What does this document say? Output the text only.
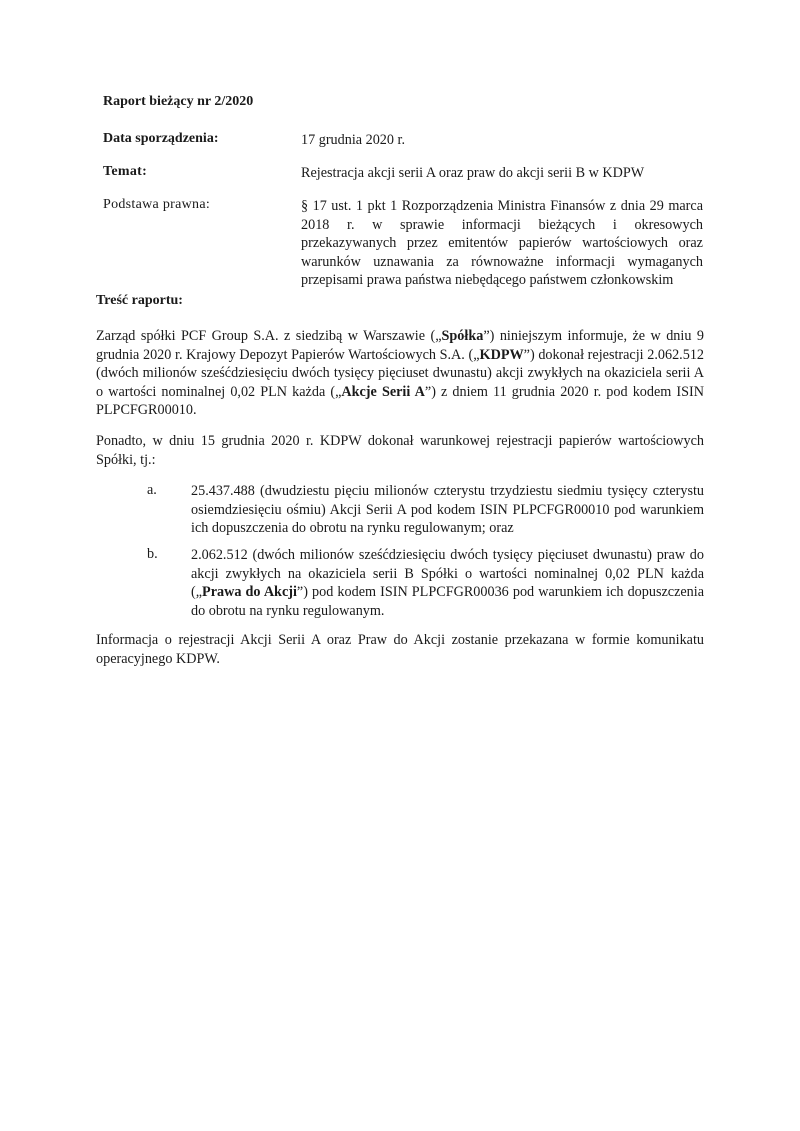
Raport bieżący nr 2/2020
Data sporządzenia:	17 grudnia 2020 r.
Temat:	Rejestracja akcji serii A oraz praw do akcji serii B w KDPW
Podstawa prawna:	§ 17 ust. 1 pkt 1 Rozporządzenia Ministra Finansów z dnia 29 marca 2018 r. w sprawie informacji bieżących i okresowych przekazywanych przez emitentów papierów wartościowych oraz warunków uznawania za równoważne informacji wymaganych przepisami prawa państwa niebędącego państwem członkowskim
Treść raportu:
Zarząd spółki PCF Group S.A. z siedzibą w Warszawie („Spółka”) niniejszym informuje, że w dniu 9 grudnia 2020 r. Krajowy Depozyt Papierów Wartościowych S.A. („KDPW”) dokonał rejestracji 2.062.512 (dwóch milionów sześćdziesięciu dwóch tysięcy pięciuset dwunastu) akcji zwykłych na okaziciela serii A o wartości nominalnej 0,02 PLN każda („Akcje Serii A”) z dniem 11 grudnia 2020 r. pod kodem ISIN PLPCFGR00010.
Ponadto, w dniu 15 grudnia 2020 r. KDPW dokonał warunkowej rejestracji papierów wartościowych Spółki, tj.:
a. 25.437.488 (dwudziestu pięciu milionów czterystu trzydziestu siedmiu tysięcy czterystu osiemdziesięciu ośmiu) Akcji Serii A pod kodem ISIN PLPCFGR00010 pod warunkiem ich dopuszczenia do obrotu na rynku regulowanym; oraz
b. 2.062.512 (dwóch milionów sześćdziesięciu dwóch tysięcy pięciuset dwunastu) praw do akcji zwykłych na okaziciela serii B Spółki o wartości nominalnej 0,02 PLN każda („Prawa do Akcji”) pod kodem ISIN PLPCFGR00036 pod warunkiem ich dopuszczenia do obrotu na rynku regulowanym.
Informacja o rejestracji Akcji Serii A oraz Praw do Akcji zostanie przekazana w formie komunikatu operacyjnego KDPW.
